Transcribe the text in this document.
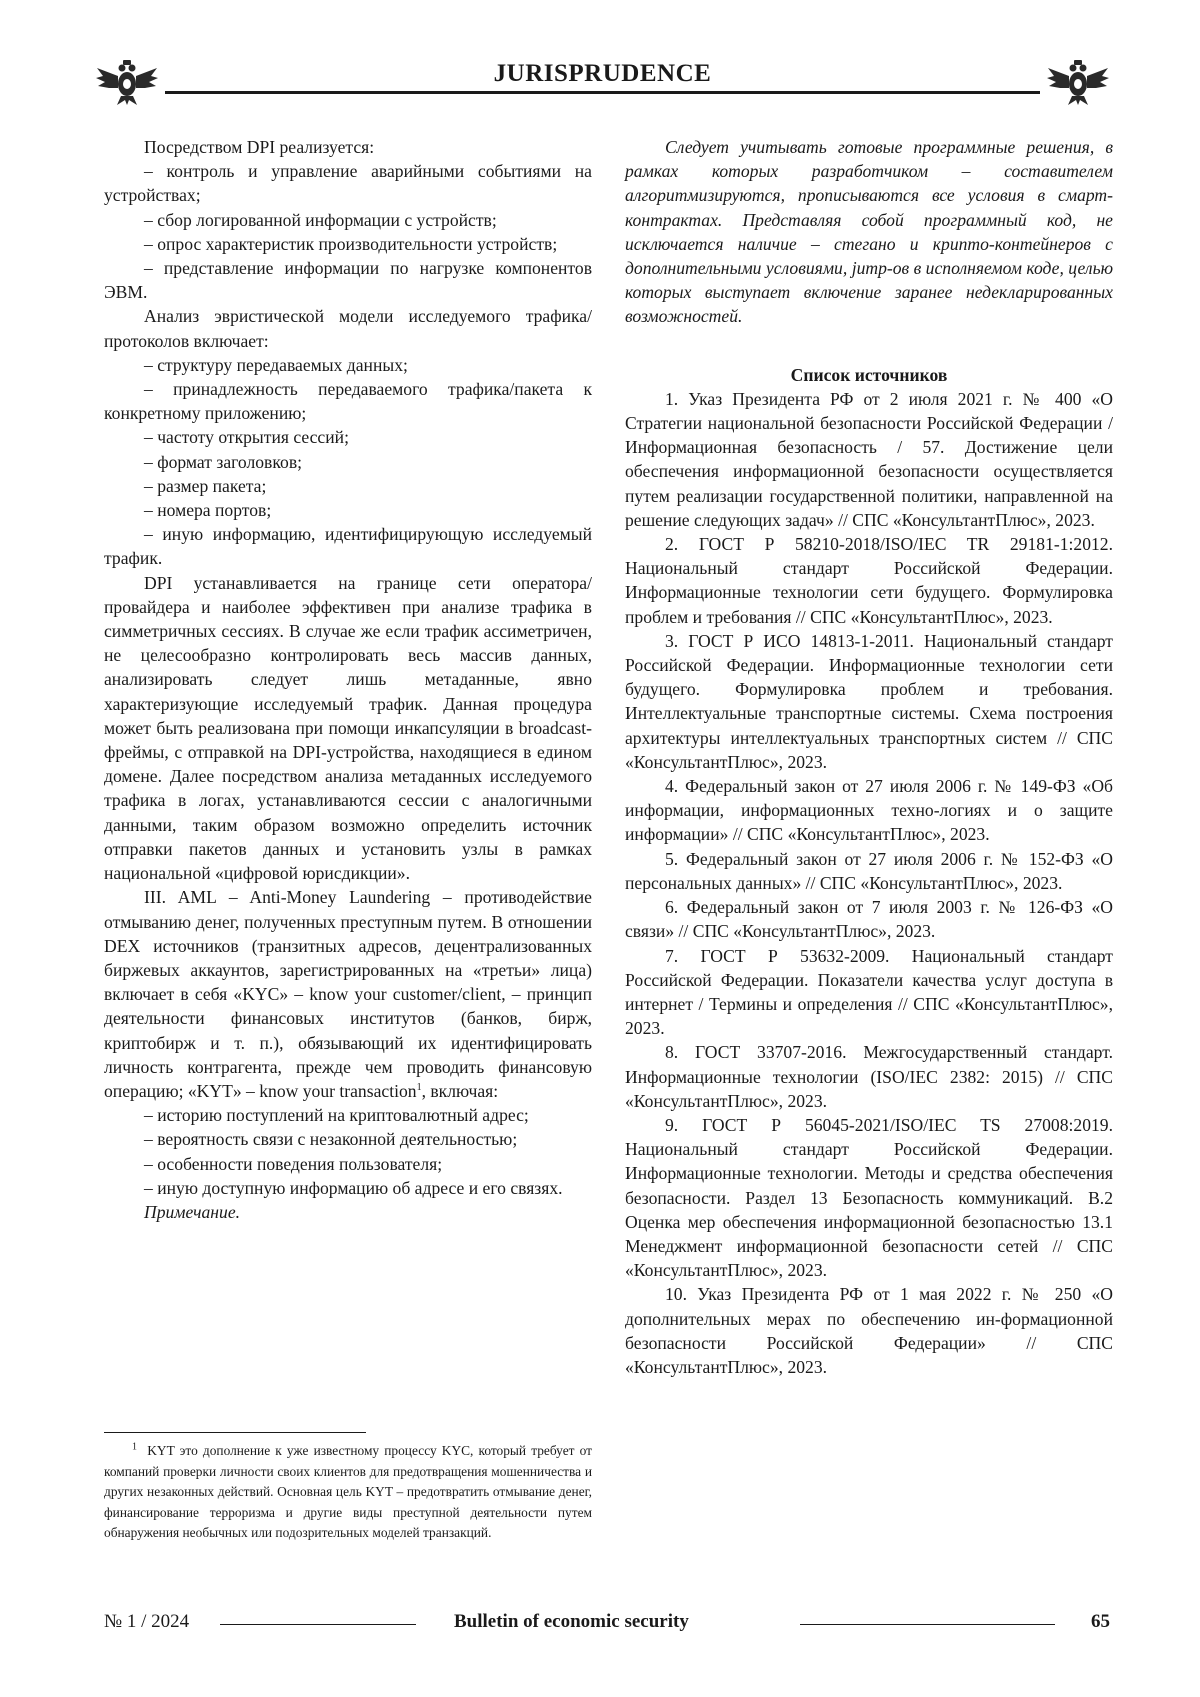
JURISPRUDENCE

Посредством DPI реализуется:

– контроль и управление аварийными событиями на устройствах;

– сбор логированной информации с устройств;

– опрос характеристик производительности устройств;

– представление информации по нагрузке компонентов ЭВМ.

Анализ эвристической модели исследуемого трафика/протоколов включает:

– структуру передаваемых данных;

– принадлежность передаваемого трафика/пакета к конкретному приложению;

– частоту открытия сессий;

– формат заголовков;

– размер пакета;

– номера портов;

– иную информацию, идентифицирующую исследуемый трафик.

DPI устанавливается на границе сети оператора/провайдера и наиболее эффективен при анализе трафика в симметричных сессиях. В случае же если трафик ассиметричен, не целесообразно контролировать весь массив данных, анализировать следует лишь метаданные, явно характеризующие исследуемый трафик. Данная процедура может быть реализована при помощи инкапсуляции в broadcast-фреймы, с отправкой на DPI-устройства, находящиеся в едином домене. Далее посредством анализа метаданных исследуемого трафика в логах, устанавливаются сессии с аналогичными данными, таким образом возможно определить источник отправки пакетов данных и установить узлы в рамках национальной «цифровой юрисдикции».

III. AML – Anti-Money Laundering – противодействие отмыванию денег, полученных преступным путем. В отношении DEX источников (транзитных адресов, децентрализованных биржевых аккаунтов, зарегистрированных на «третьи» лица) включает в себя «KYC» – know your customer/client, – принцип деятельности финансовых институтов (банков, бирж, криптобирж и т. п.), обязывающий их идентифицировать личность контрагента, прежде чем проводить финансовую операцию; «KYT» – know your transaction$^1$, включая:

– историю поступлений на криптовалютный адрес;

– вероятность связи с незаконной деятельностью;

– особенности поведения пользователя;

– иную доступную информацию об адресе и его связях.

Примечание.

$^1$ KYT это дополнение к уже известному процессу KYC, который требует от компаний проверки личности своих клиентов для предотвращения мошенничества и других незаконных действий. Основная цель KYT – предотвратить отмывание денег, финансирование терроризма и другие виды преступной деятельности путем обнаружения необычных или подозрительных моделей транзакций.

Следует учитывать готовые программные решения, в рамках которых разработчиком – составителем алгоритмизируются, прописываются все условия в смарт-контрактах. Представляя собой программный код, не исключается наличие – стегано и крипто-контейнеров с дополнительными условиями, jump-ов в исполняемом коде, целью которых выступает включение заранее недекларированных возможностей.

Список источников

1. Указ Президента РФ от 2 июля 2021 г. № 400 «О Стратегии национальной безопасности Российской Федерации / Информационная безопасность / 57. Достижение цели обеспечения информационной безопасности осуществляется путем реализации государственной политики, направленной на решение следующих задач» // СПС «КонсультантПлюс», 2023.

2. ГОСТ Р 58210-2018/ISO/IEC TR 29181-1:2012. Национальный стандарт Российской Федерации. Информационные технологии сети будущего. Формулировка проблем и требования // СПС «КонсультантПлюс», 2023.

3. ГОСТ Р ИСО 14813-1-2011. Национальный стандарт Российской Федерации. Информационные технологии сети будущего. Формулировка проблем и требования. Интеллектуальные транспортные системы. Схема построения архитектуры интеллектуальных транспортных систем // СПС «КонсультантПлюс», 2023.

4. Федеральный закон от 27 июля 2006 г. № 149-ФЗ «Об информации, информационных техно-логиях и о защите информации» // СПС «КонсультантПлюс», 2023.

5. Федеральный закон от 27 июля 2006 г. № 152-ФЗ «О персональных данных» // СПС «КонсультантПлюс», 2023.

6. Федеральный закон от 7 июля 2003 г. № 126-ФЗ «О связи» // СПС «КонсультантПлюс», 2023.

7. ГОСТ Р 53632-2009. Национальный стандарт Российской Федерации. Показатели качества услуг доступа в интернет / Термины и определения // СПС «КонсультантПлюс», 2023.

8. ГОСТ 33707-2016. Межгосударственный стандарт. Информационные технологии (ISO/IEC 2382: 2015) // СПС «КонсультантПлюс», 2023.

9. ГОСТ Р 56045-2021/ISO/IEC TS 27008:2019. Национальный стандарт Российской Федерации. Информационные технологии. Методы и средства обеспечения безопасности. Раздел 13 Безопасность коммуникаций. B.2 Оценка мер обеспечения информационной безопасностью 13.1 Менеджмент информационной безопасности сетей // СПС «КонсультантПлюс», 2023.

10. Указ Президента РФ от 1 мая 2022 г. № 250 «О дополнительных мерах по обеспечению ин-формационной безопасности Российской Федерации» // СПС «КонсультантПлюс», 2023.

№ 1 / 2024	Bulletin of economic security	65
